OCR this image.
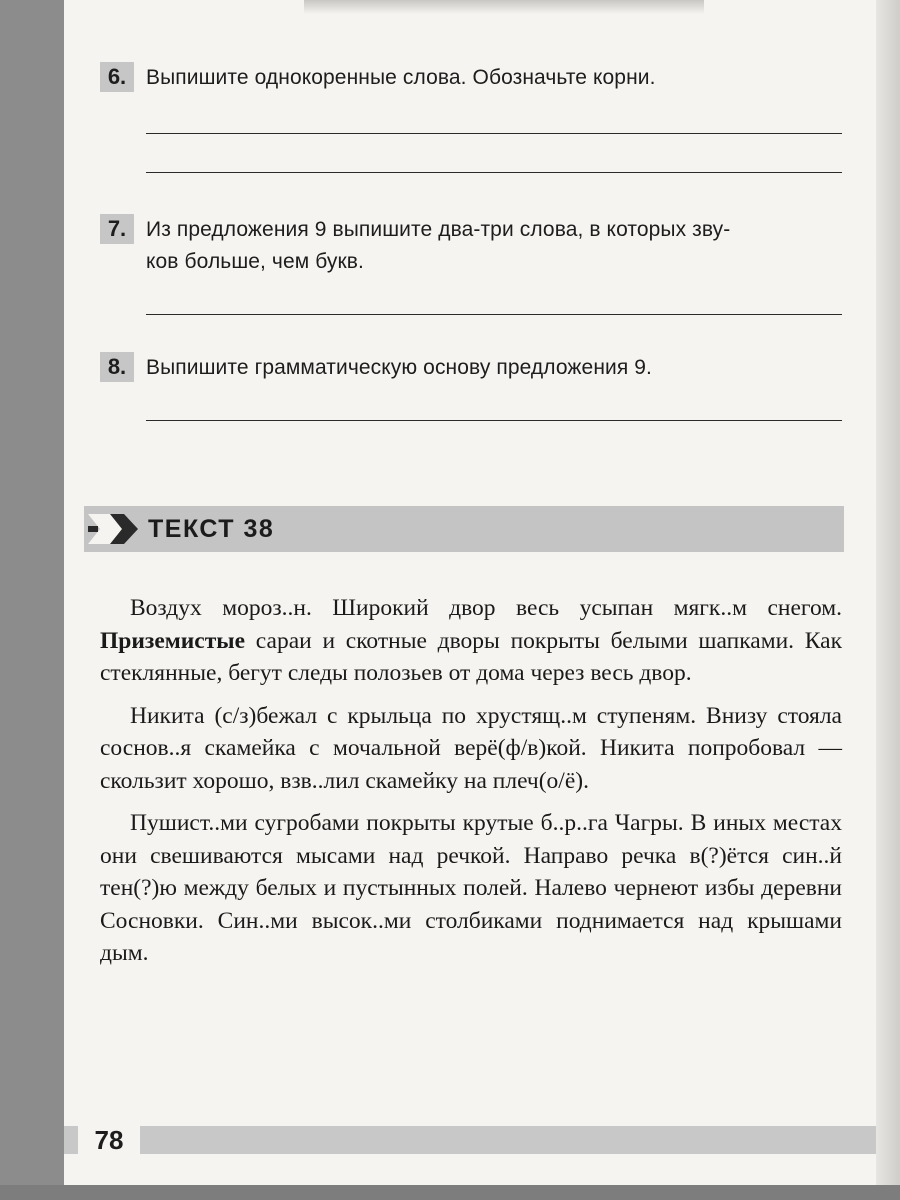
6. Выпишите однокоренные слова. Обозначьте корни.
7. Из предложения 9 выпишите два-три слова, в которых зву-
ков больше, чем букв.
8. Выпишите грамматическую основу предложения 9.
ТЕКСТ 38

Воздух мороз..н. Широкий двор весь усыпан мягк..м снегом. Приземистые сараи и скотные дворы покрыты белыми шапками. Как стеклянные, бегут следы полозьев от дома через весь двор.

Никита (с/з)бежал с крыльца по хрустящ..м ступеням. Внизу стояла соснов..я скамейка с мочальной верё(ф/в)кой. Никита попробовал — скользит хорошо, взв..лил скамейку на плеч(о/ё).

Пушист..ми сугробами покрыты крутые б..р..га Чагры. В иных местах они свешиваются мысами над речкой. Направо речка в(?)ётся син..й тен(?)ю между белых и пустынных полей. Налево чернеют избы деревни Сосновки. Син..ми высок..ми столбиками поднимается над крышами дым.

78
